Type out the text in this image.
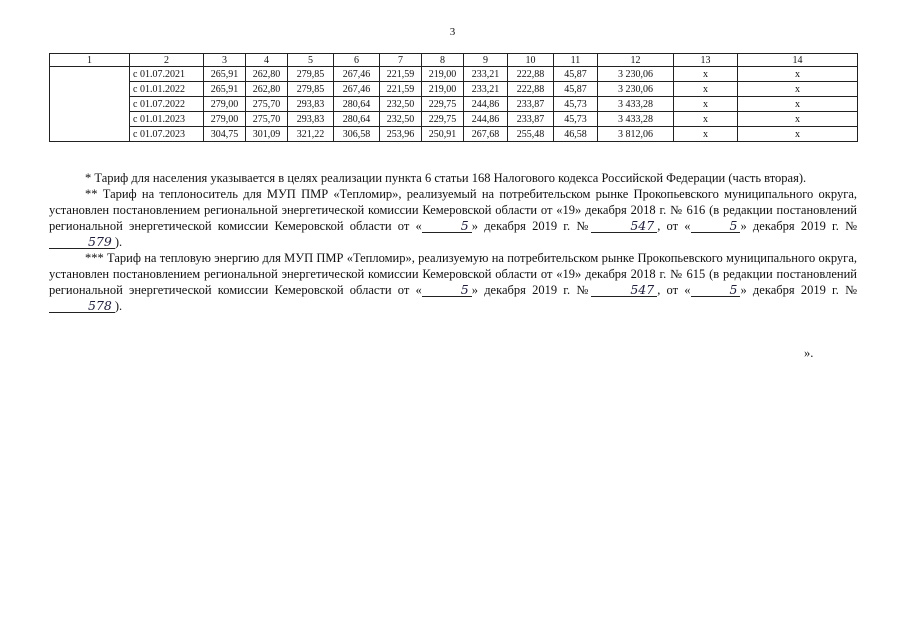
3
1	2	3	4	5	6	7	8	9	10	11	12	13	14
	с 01.07.2021	265,91	262,80	279,85	267,46	221,59	219,00	233,21	222,88	45,87	3 230,06	x	x
	с 01.01.2022	265,91	262,80	279,85	267,46	221,59	219,00	233,21	222,88	45,87	3 230,06	x	x
	с 01.07.2022	279,00	275,70	293,83	280,64	232,50	229,75	244,86	233,87	45,73	3 433,28	x	x
	с 01.01.2023	279,00	275,70	293,83	280,64	232,50	229,75	244,86	233,87	45,73	3 433,28	x	x
	с 01.07.2023	304,75	301,09	321,22	306,58	253,96	250,91	267,68	255,48	46,58	3 812,06	x	x

* Тариф для населения указывается в целях реализации пункта 6 статьи 168 Налогового кодекса Российской Федерации (часть вторая).

** Тариф на теплоноситель для МУП ПМР «Тепломир», реализуемый на потребительском рынке Прокопьевского муниципального округа, установлен постановлением региональной энергетической комиссии Кемеровской области от «19» декабря 2018 г. № 616 (в редакции постановлений региональной энергетической комиссии Кемеровской области от «	5 » декабря 2019 г. №	547 , от «	5 » декабря 2019 г. №579 ).

*** Тариф на тепловую энергию для МУП ПМР «Тепломир», реализуемую на потребительском рынке Прокопьевского муниципального округа, установлен постановлением региональной энергетической комиссии Кемеровской области от «19» декабря 2018 г. № 615 (в редакции постановлений региональной энергетической комиссии Кемеровской области от «	5 » декабря 2019 г. №	547 , от «	5 » декабря 2019 г. №578 ).

».
